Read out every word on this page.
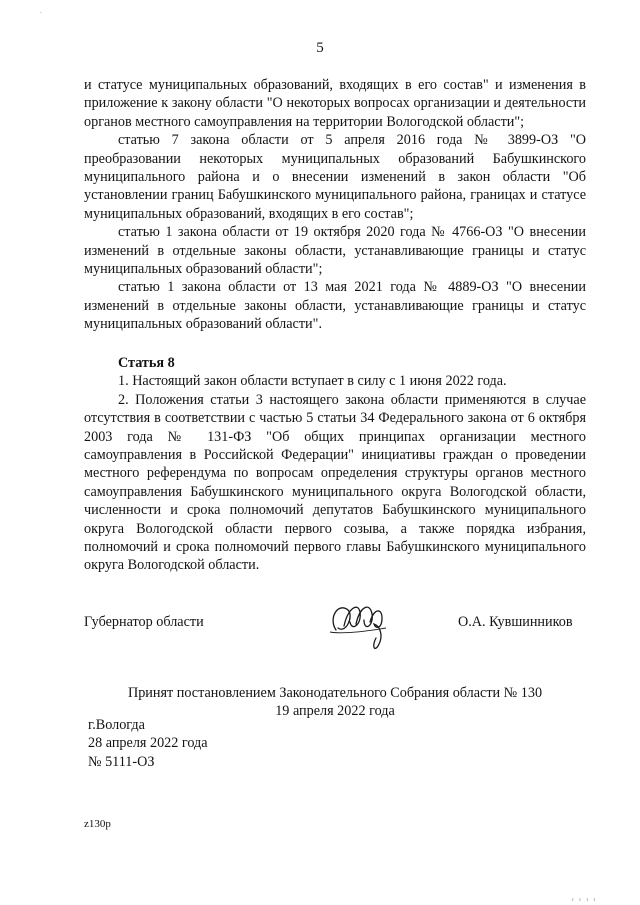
5
-

и статусе муниципальных образований, входящих в его состав" и изменения в приложение к закону области "О некоторых вопросах организации и деятельности органов местного самоуправления на территории Вологодской области";

статью 7 закона области от 5 апреля 2016 года № 3899-ОЗ "О преобразовании некоторых муниципальных образований Бабушкинского муниципального района и о внесении изменений в закон области "Об установлении границ Бабушкинского муниципального района, границах и статусе муниципальных образований, входящих в его состав";

статью 1 закона области от 19 октября 2020 года № 4766-ОЗ "О внесении изменений в отдельные законы области, устанавливающие границы и статус муниципальных образований области";

статью 1 закона области от 13 мая 2021 года № 4889-ОЗ "О внесении изменений в отдельные законы области, устанавливающие границы и статус муниципальных образований области".

Статья 8

1. Настоящий закон области вступает в силу с 1 июня 2022 года.

2. Положения статьи 3 настоящего закона области применяются в случае отсутствия в соответствии с частью 5 статьи 34 Федерального закона от 6 октября 2003 года № 131-ФЗ "Об общих принципах организации местного самоуправления в Российской Федерации" инициативы граждан о проведении местного референдума по вопросам определения структуры органов местного самоуправления Бабушкинского муниципального округа Вологодской области, численности и срока полномочий депутатов Бабушкинского муниципального округа Вологодской области первого созыва, а также порядка избрания, полномочий и срока полномочий первого главы Бабушкинского муниципального округа Вологодской области.

Губернатор области	О.А. Кувшинников
Принят постановлением Законодательного Собрания области № 130
19 апреля 2022 года
г.Вологда
28 апреля 2022 года
№ 5111-ОЗ
z130p
ı ı ı ı
